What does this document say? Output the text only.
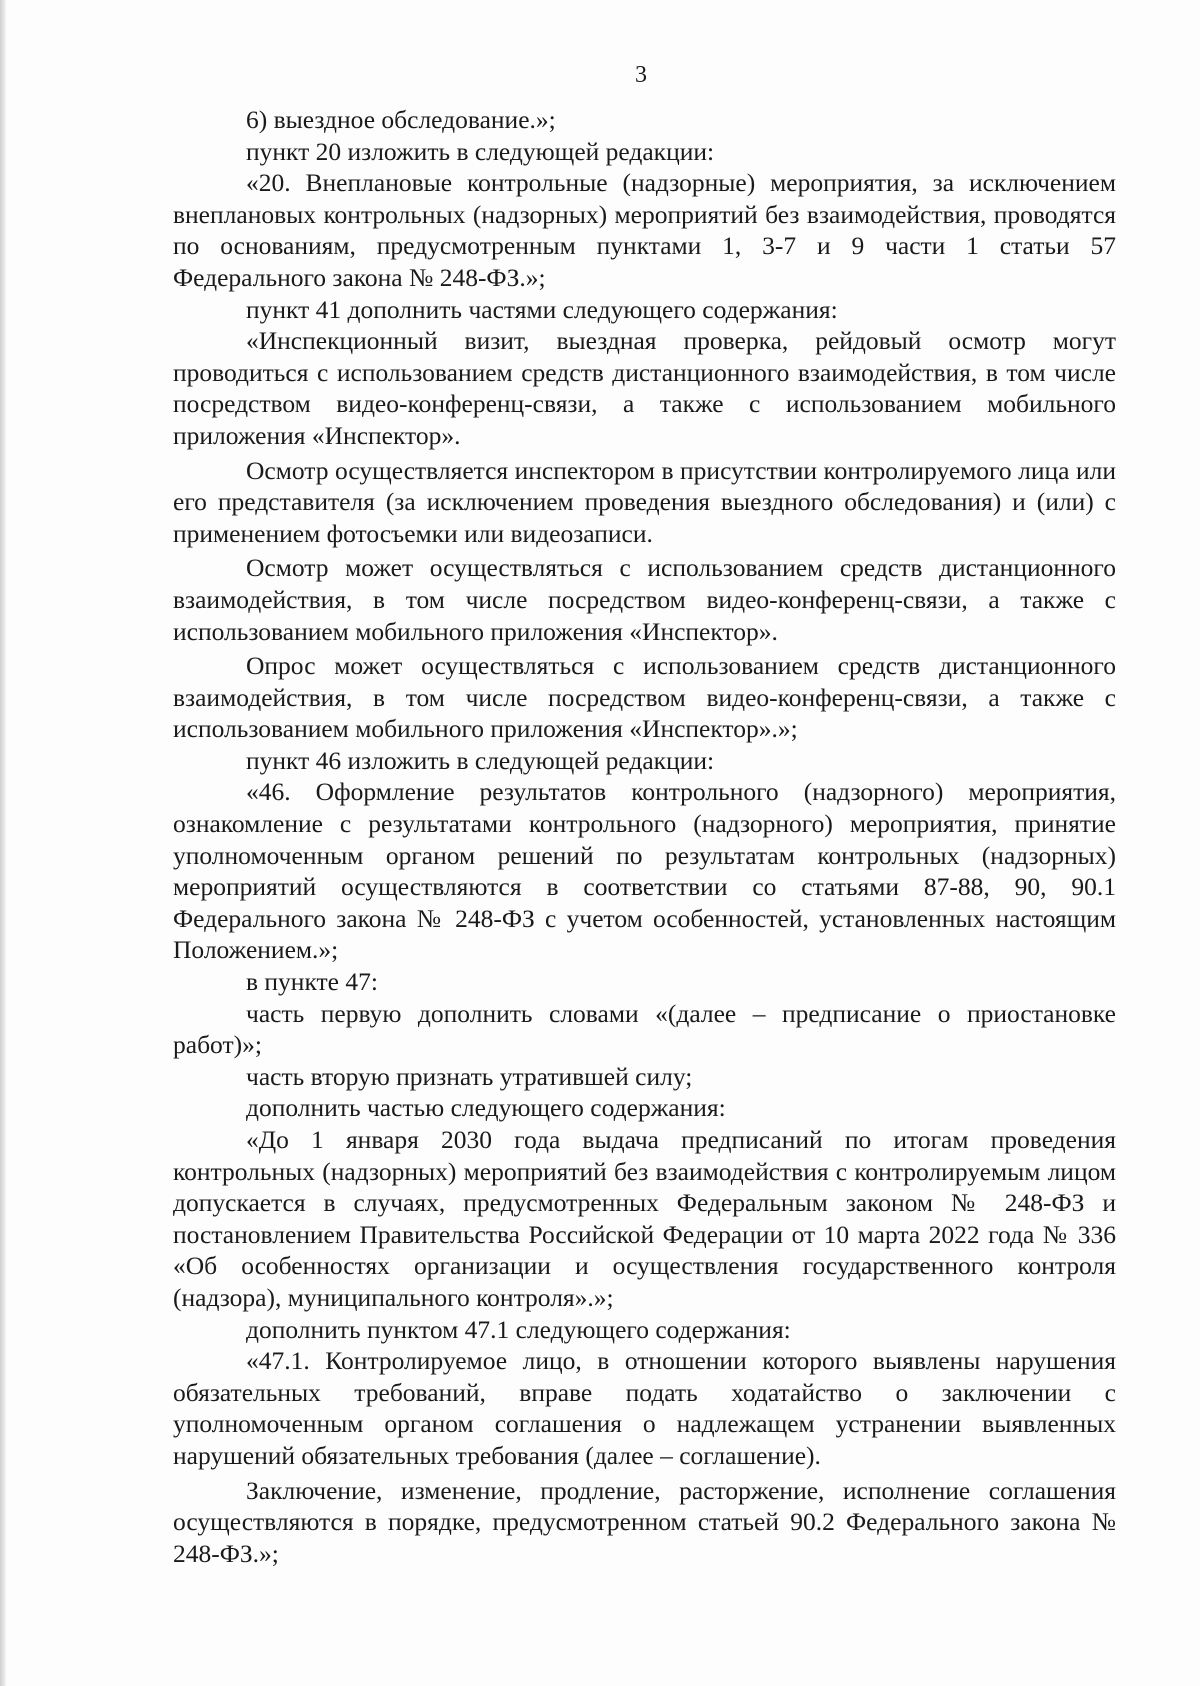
3

6) выездное обследование.»;

пункт 20 изложить в следующей редакции:

«20. Внеплановые контрольные (надзорные) мероприятия, за исключением внеплановых контрольных (надзорных) мероприятий без взаимодействия, проводятся по основаниям, предусмотренным пунктами 1, 3-7 и 9 части 1 статьи 57 Федерального закона № 248-ФЗ.»;

пункт 41 дополнить частями следующего содержания:

«Инспекционный визит, выездная проверка, рейдовый осмотр могут проводиться с использованием средств дистанционного взаимодействия, в том числе посредством видео-конференц-связи, а также с использованием мобильного приложения «Инспектор».

Осмотр осуществляется инспектором в присутствии контролируемого лица или его представителя (за исключением проведения выездного обследования) и (или) с применением фотосъемки или видеозаписи.

Осмотр может осуществляться с использованием средств дистанционного взаимодействия, в том числе посредством видео-конференц-связи, а также с использованием мобильного приложения «Инспектор».

Опрос может осуществляться с использованием средств дистанционного взаимодействия, в том числе посредством видео-конференц-связи, а также с использованием мобильного приложения «Инспектор».»;

пункт 46 изложить в следующей редакции:

«46. Оформление результатов контрольного (надзорного) мероприятия, ознакомление с результатами контрольного (надзорного) мероприятия, принятие уполномоченным органом решений по результатам контрольных (надзорных) мероприятий осуществляются в соответствии со статьями 87-88, 90, 90.1 Федерального закона № 248-ФЗ с учетом особенностей, установленных настоящим Положением.»;

в пункте 47:

часть первую дополнить словами «(далее – предписание о приостановке работ)»;

часть вторую признать утратившей силу;

дополнить частью следующего содержания:

«До 1 января 2030 года выдача предписаний по итогам проведения контрольных (надзорных) мероприятий без взаимодействия с контролируемым лицом допускается в случаях, предусмотренных Федеральным законом № 248-ФЗ и постановлением Правительства Российской Федерации от 10 марта 2022 года № 336 «Об особенностях организации и осуществления государственного контроля (надзора), муниципального контроля».»;

дополнить пунктом 47.1 следующего содержания:

«47.1. Контролируемое лицо, в отношении которого выявлены нарушения обязательных требований, вправе подать ходатайство о заключении с уполномоченным органом соглашения о надлежащем устранении выявленных нарушений обязательных требования (далее – соглашение).

Заключение, изменение, продление, расторжение, исполнение соглашения осуществляются в порядке, предусмотренном статьей 90.2 Федерального закона № 248-ФЗ.»;
